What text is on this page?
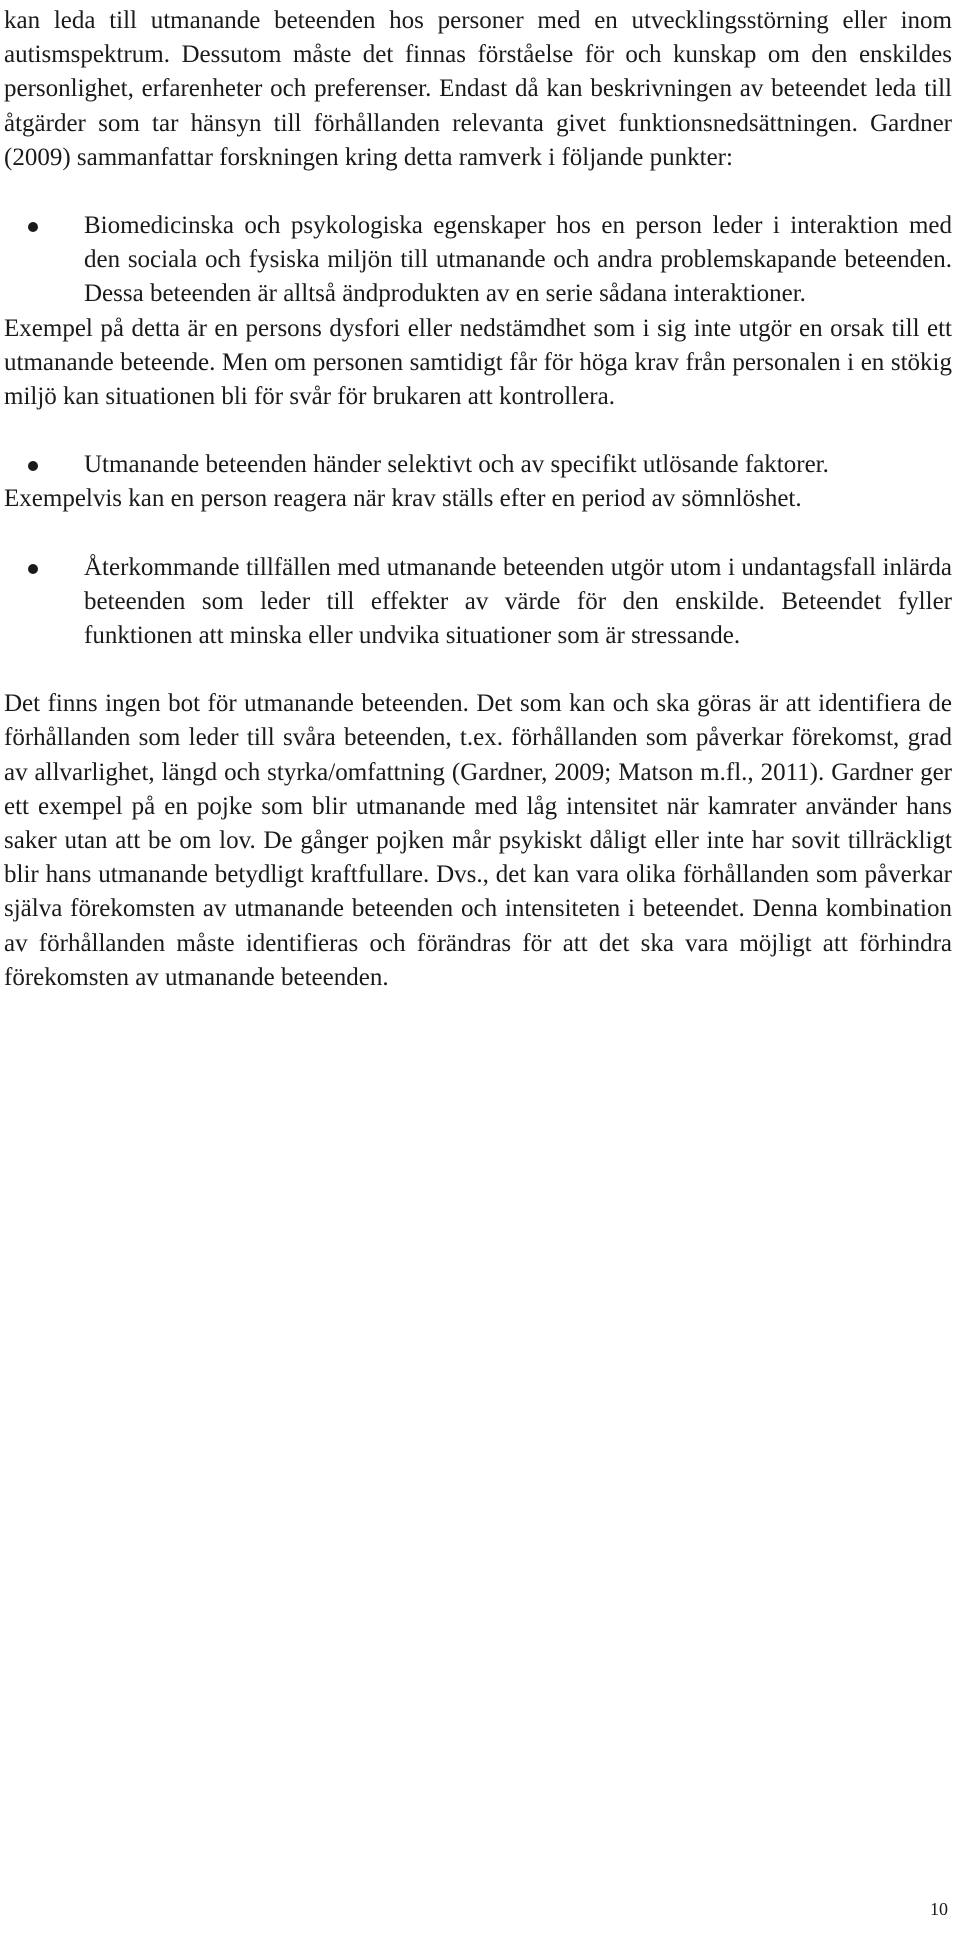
kan leda till utmanande beteenden hos personer med en utvecklingsstörning eller inom autismspektrum. Dessutom måste det finnas förståelse för och kunskap om den enskildes personlighet, erfarenheter och preferenser. Endast då kan beskrivningen av beteendet leda till åtgärder som tar hänsyn till förhållanden relevanta givet funktionsnedsättningen. Gardner (2009) sammanfattar forskningen kring detta ramverk i följande punkter:

Biomedicinska och psykologiska egenskaper hos en person leder i interaktion med den sociala och fysiska miljön till utmanande och andra problemskapande beteenden. Dessa beteenden är alltså ändprodukten av en serie sådana interaktioner.

Exempel på detta är en persons dysfori eller nedstämdhet som i sig inte utgör en orsak till ett utmanande beteende. Men om personen samtidigt får för höga krav från personalen i en stökig miljö kan situationen bli för svår för brukaren att kontrollera.

Utmanande beteenden händer selektivt och av specifikt utlösande faktorer.

Exempelvis kan en person reagera när krav ställs efter en period av sömnlöshet.

Återkommande tillfällen med utmanande beteenden utgör utom i undantagsfall inlärda beteenden som leder till effekter av värde för den enskilde. Beteendet fyller funktionen att minska eller undvika situationer som är stressande.

Det finns ingen bot för utmanande beteenden. Det som kan och ska göras är att identifiera de förhållanden som leder till svåra beteenden, t.ex. förhållanden som påverkar förekomst, grad av allvarlighet, längd och styrka/omfattning (Gardner, 2009; Matson m.fl., 2011). Gardner ger ett exempel på en pojke som blir utmanande med låg intensitet när kamrater använder hans saker utan att be om lov. De gånger pojken mår psykiskt dåligt eller inte har sovit tillräckligt blir hans utmanande betydligt kraftfullare. Dvs., det kan vara olika förhållanden som påverkar själva förekomsten av utmanande beteenden och intensiteten i beteendet. Denna kombination av förhållanden måste identifieras och förändras för att det ska vara möjligt att förhindra förekomsten av utmanande beteenden.

10
